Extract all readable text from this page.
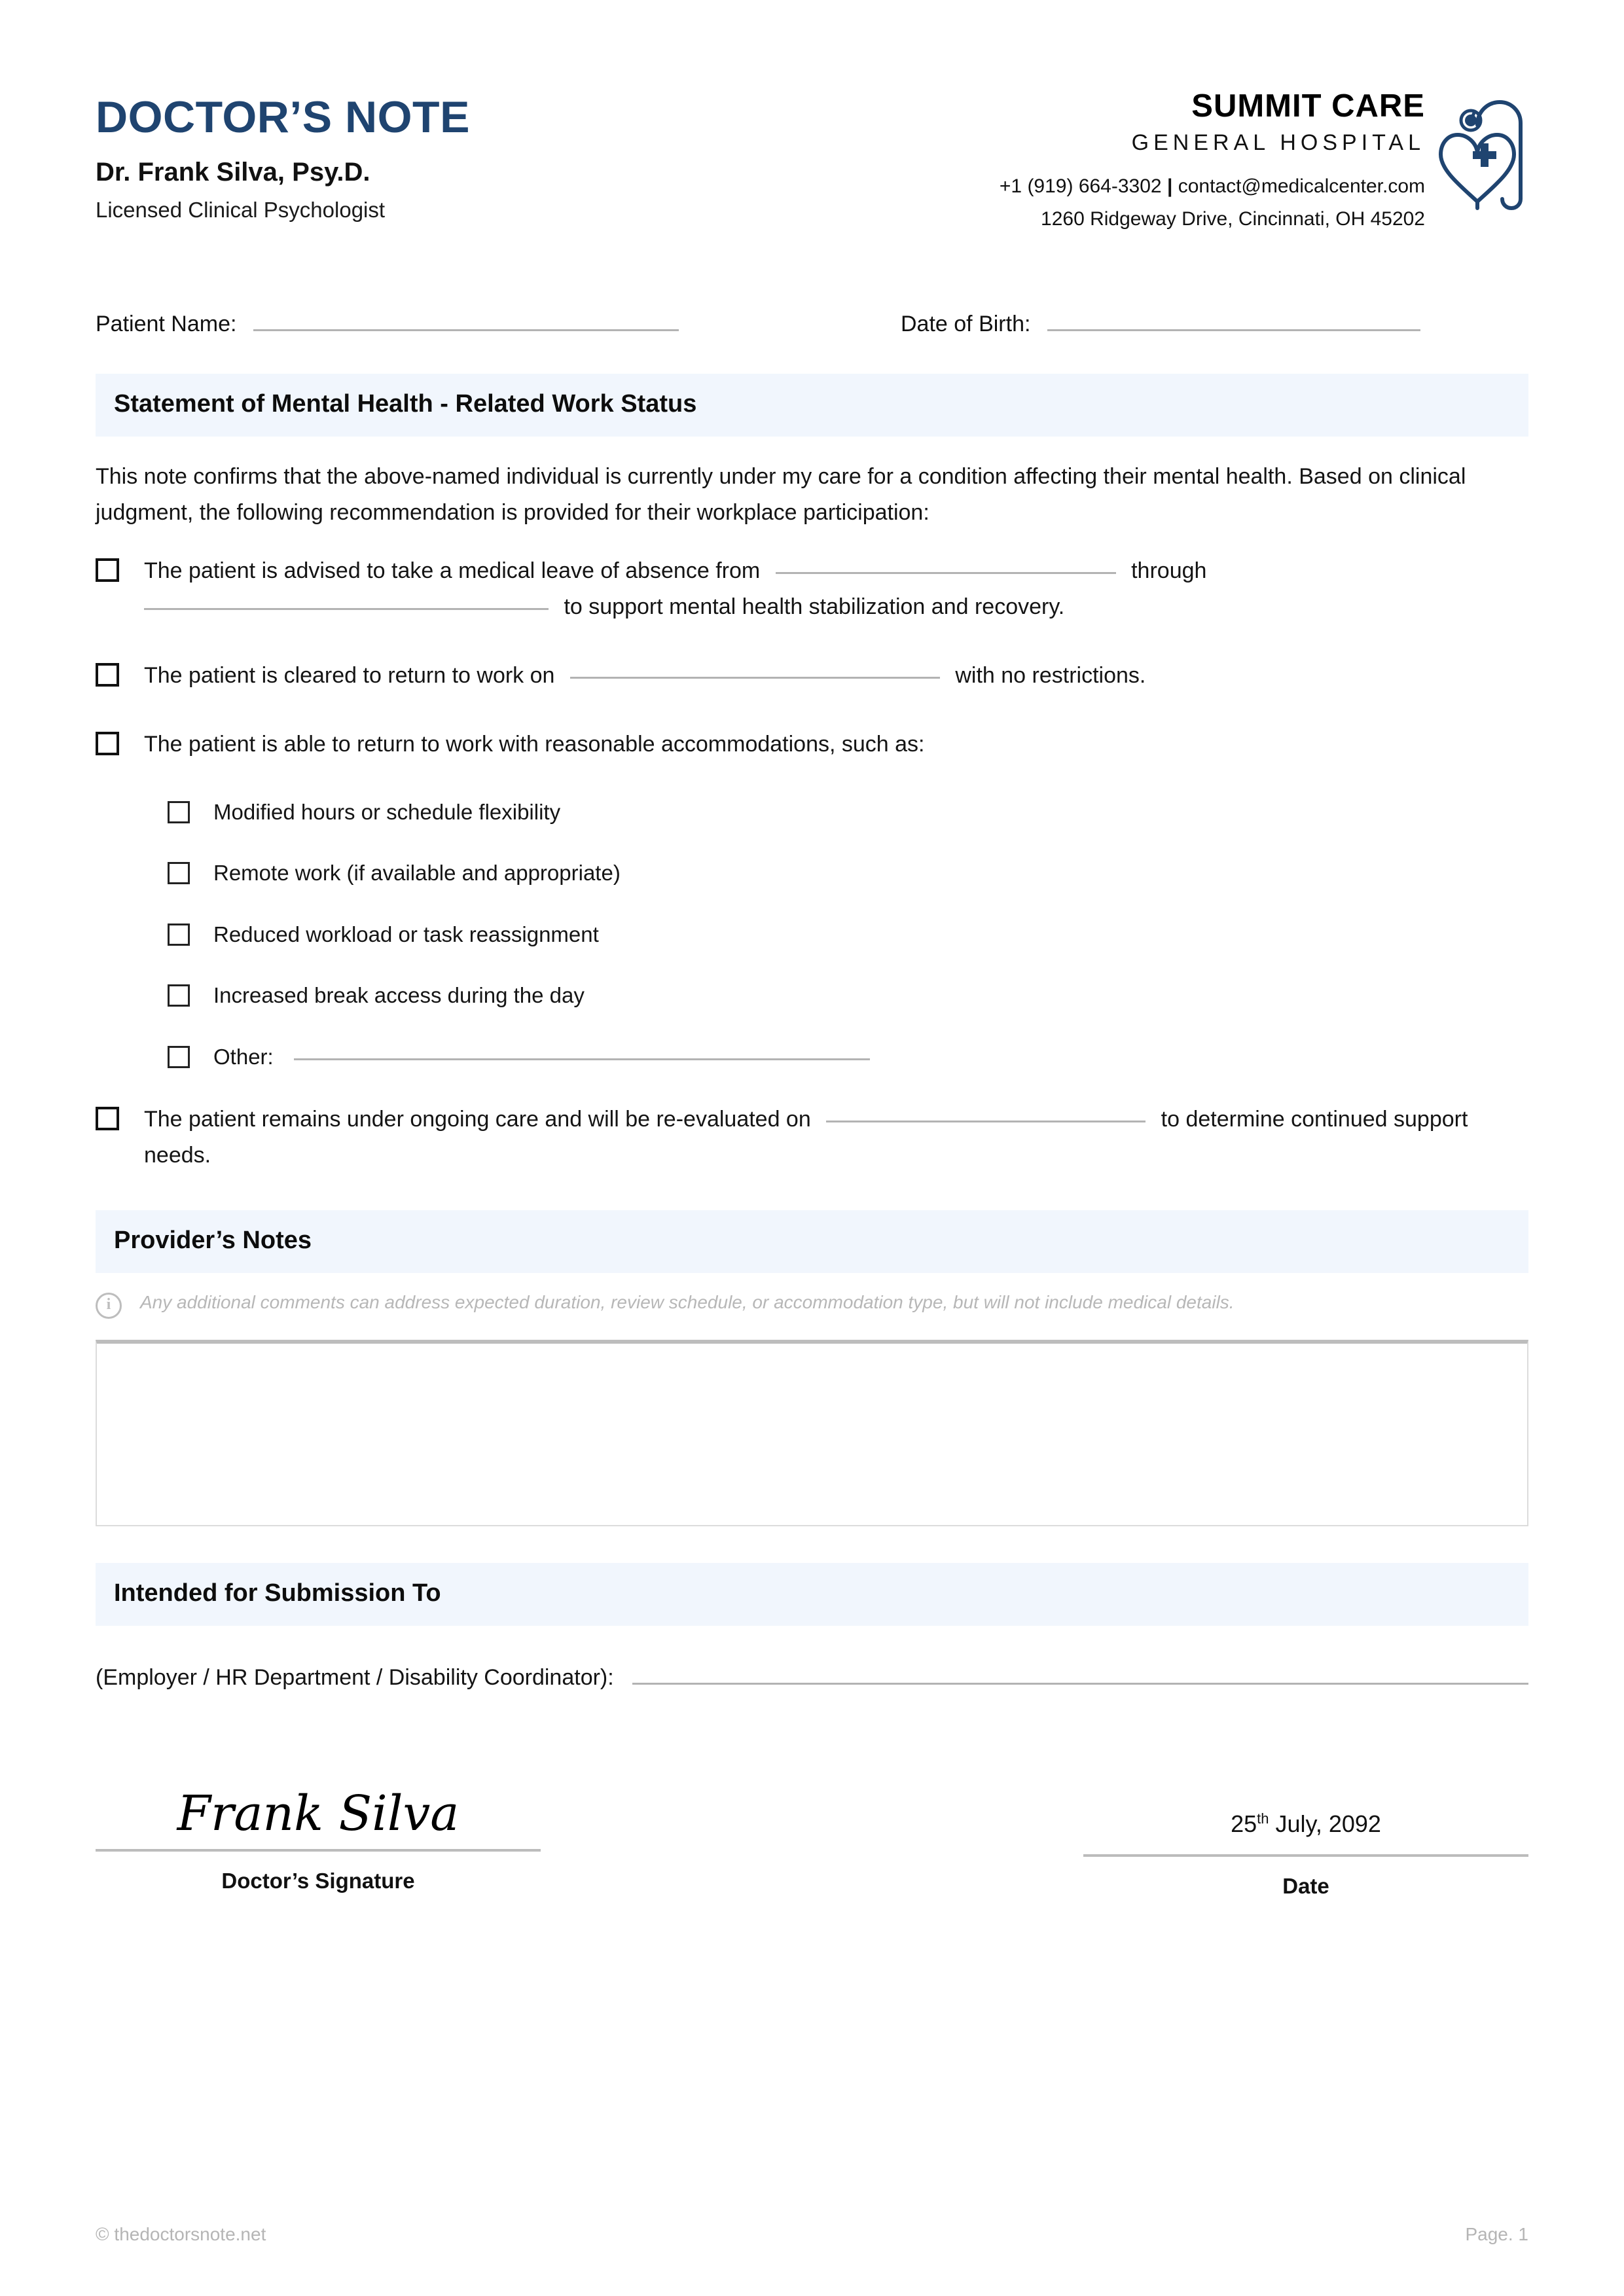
DOCTOR’S NOTE
Dr. Frank Silva, Psy.D.
Licensed Clinical Psychologist
SUMMIT CARE
GENERAL HOSPITAL
+1 (919) 664-3302 | contact@medicalcenter.com
1260 Ridgeway Drive, Cincinnati, OH 45202
Patient Name:	Date of Birth:
Statement of Mental Health - Related Work Status

This note confirms that the above-named individual is currently under my care for a condition affecting their mental health. Based on clinical judgment, the following recommendation is provided for their workplace participation:

The patient is advised to take a medical leave of absence from	through
to support mental health stabilization and recovery.
The patient is cleared to return to work on	with no restrictions.
The patient is able to return to work with reasonable accommodations, such as:
Modified hours or schedule flexibility
Remote work (if available and appropriate)
Reduced workload or task reassignment
Increased break access during the day
Other:
The patient remains under ongoing care and will be re-evaluated on	to determine continued support needs.
Provider’s Notes
i	Any additional comments can address expected duration, review schedule, or accommodation type, but will not include medical details.
Intended for Submission To
(Employer / HR Department / Disability Coordinator):
Frank Silva
Doctor’s Signature
25th July, 2092
Date
© thedoctorsnote.net	Page. 1
